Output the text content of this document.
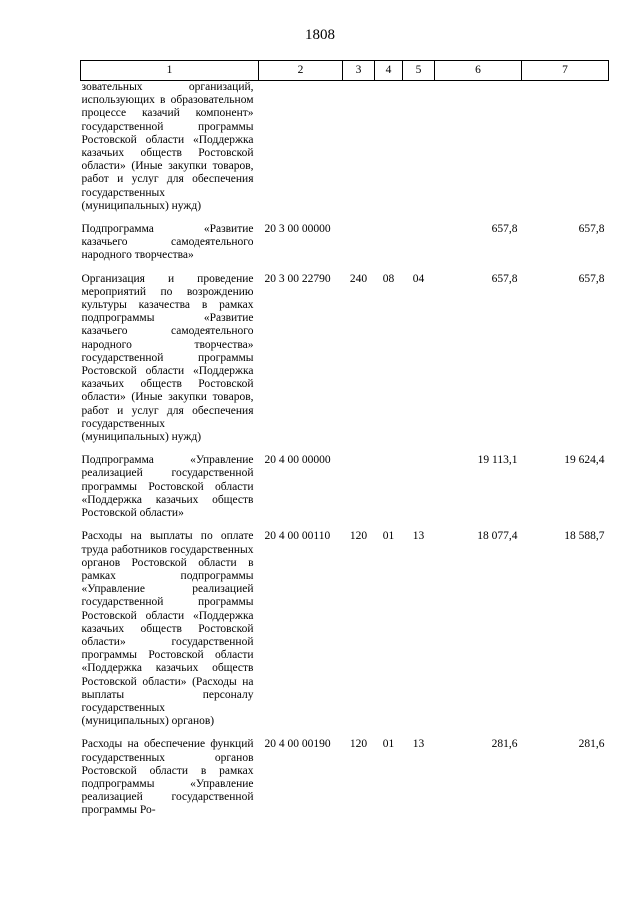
1808
1	2	3	4	5	6	7
зовательных организаций, использующих в образовательном процессе казачий компонент» государственной программы Ростовской области «Поддержка казачьих обществ Ростовской области» (Иные закупки товаров, работ и услуг для обеспечения государственных (муниципальных) нужд)						
Подпрограмма «Развитие казачьего самодеятельного народного творчества»	20 3 00 00000				657,8	657,8
Организация и проведение мероприятий по возрождению культуры казачества в рамках подпрограммы «Развитие казачьего самодеятельного народного творчества» государственной программы Ростовской области «Поддержка казачьих обществ Ростовской области» (Иные закупки товаров, работ и услуг для обеспечения государственных (муниципальных) нужд)	20 3 00 22790	240	08	04	657,8	657,8
Подпрограмма «Управление реализацией государственной программы Ростовской области «Поддержка казачьих обществ Ростовской области»	20 4 00 00000				19 113,1	19 624,4
Расходы на выплаты по оплате труда работников государственных органов Ростовской области в рамках подпрограммы «Управление реализацией государственной программы Ростовской области «Поддержка казачьих обществ Ростовской области» государственной программы Ростовской области «Поддержка казачьих обществ Ростовской области» (Расходы на выплаты персоналу государственных (муниципальных) органов)	20 4 00 00110	120	01	13	18 077,4	18 588,7
Расходы на обеспечение функций государственных органов Ростовской области в рамках подпрограммы «Управление реализацией государственной программы Ро-	20 4 00 00190	120	01	13	281,6	281,6
